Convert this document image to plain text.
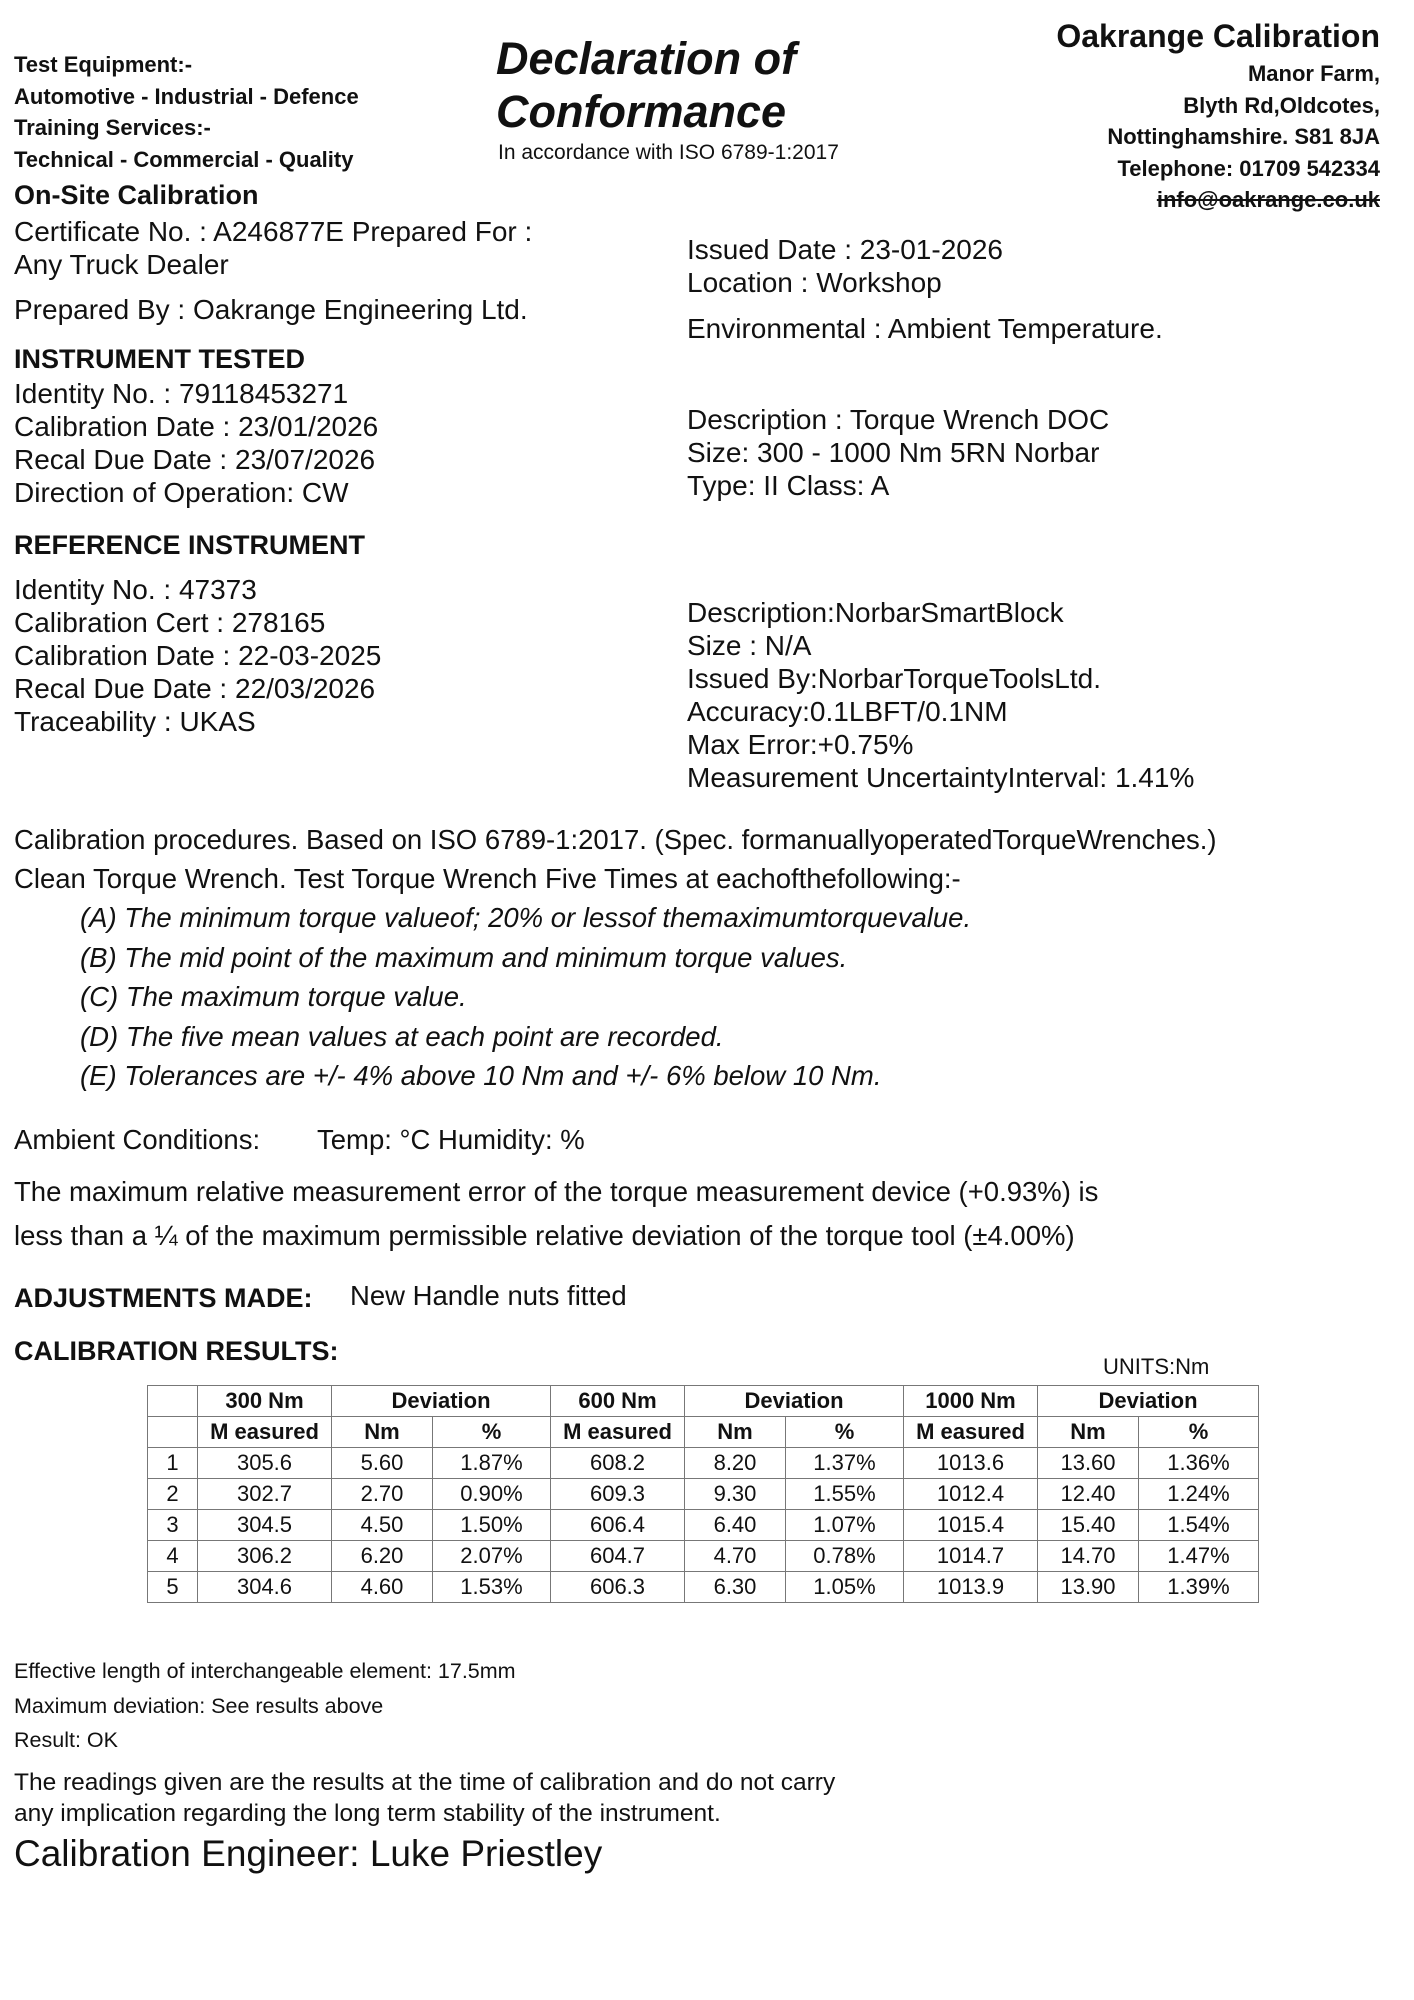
Test Equipment:-
Automotive - Industrial - Defence
Training Services:-
Technical - Commercial - Quality
Declaration of
Conformance
In accordance with ISO 6789-1:2017
Oakrange Calibration
Manor Farm,
Blyth Rd,Oldcotes,
Nottinghamshire. S81 8JA
Telephone: 01709 542334
info@oakrange.co.uk
On-Site Calibration
Certificate No. : A246877E Prepared For :
Any Truck Dealer
Prepared By : Oakrange Engineering Ltd.
Issued Date : 23-01-2026
Location : Workshop
Environmental : Ambient Temperature.
INSTRUMENT TESTED
Identity No. : 79118453271
Calibration Date : 23/01/2026
Recal Due Date : 23/07/2026
Direction of Operation: CW
Description : Torque Wrench DOC
Size: 300 - 1000 Nm 5RN Norbar
Type: II Class: A
REFERENCE INSTRUMENT
Identity No. : 47373
Calibration Cert : 278165
Calibration Date : 22-03-2025
Recal Due Date : 22/03/2026
Traceability : UKAS
Description:NorbarSmartBlock
Size : N/A
Issued By:NorbarTorqueToolsLtd.
Accuracy:0.1LBFT/0.1NM
Max Error:+0.75%
Measurement UncertaintyInterval: 1.41%
Calibration procedures. Based on ISO 6789-1:2017. (Spec. formanuallyoperatedTorqueWrenches.)
Clean Torque Wrench. Test Torque Wrench Five Times at eachofthefollowing:-
(A) The minimum torque valueof; 20% or lessof themaximumtorquevalue.
(B) The mid point of the maximum and minimum torque values.
(C) The maximum torque value.
(D) The five mean values at each point are recorded.
(E) Tolerances are +/- 4% above 10 Nm and +/- 6% below 10 Nm.
Ambient Conditions: Temp: °C Humidity: %
The maximum relative measurement error of the torque measurement device (+0.93%) is
less than a ¼ of the maximum permissible relative deviation of the torque tool (±4.00%)
ADJUSTMENTS MADE: New Handle nuts fitted
CALIBRATION RESULTS:
UNITS:Nm
	300 Nm	Deviation		600 Nm	Deviation		1000 Nm	Deviation	
	M easured	Nm	%	M easured	Nm	%	M easured	Nm	%
1	305.6	5.60	1.87%	608.2	8.20	1.37%	1013.6	13.60	1.36%
2	302.7	2.70	0.90%	609.3	9.30	1.55%	1012.4	12.40	1.24%
3	304.5	4.50	1.50%	606.4	6.40	1.07%	1015.4	15.40	1.54%
4	306.2	6.20	2.07%	604.7	4.70	0.78%	1014.7	14.70	1.47%
5	304.6	4.60	1.53%	606.3	6.30	1.05%	1013.9	13.90	1.39%
Effective length of interchangeable element: 17.5mm
Maximum deviation: See results above
Result: OK
The readings given are the results at the time of calibration and do not carry
any implication regarding the long term stability of the instrument.
Calibration Engineer: Luke Priestley
